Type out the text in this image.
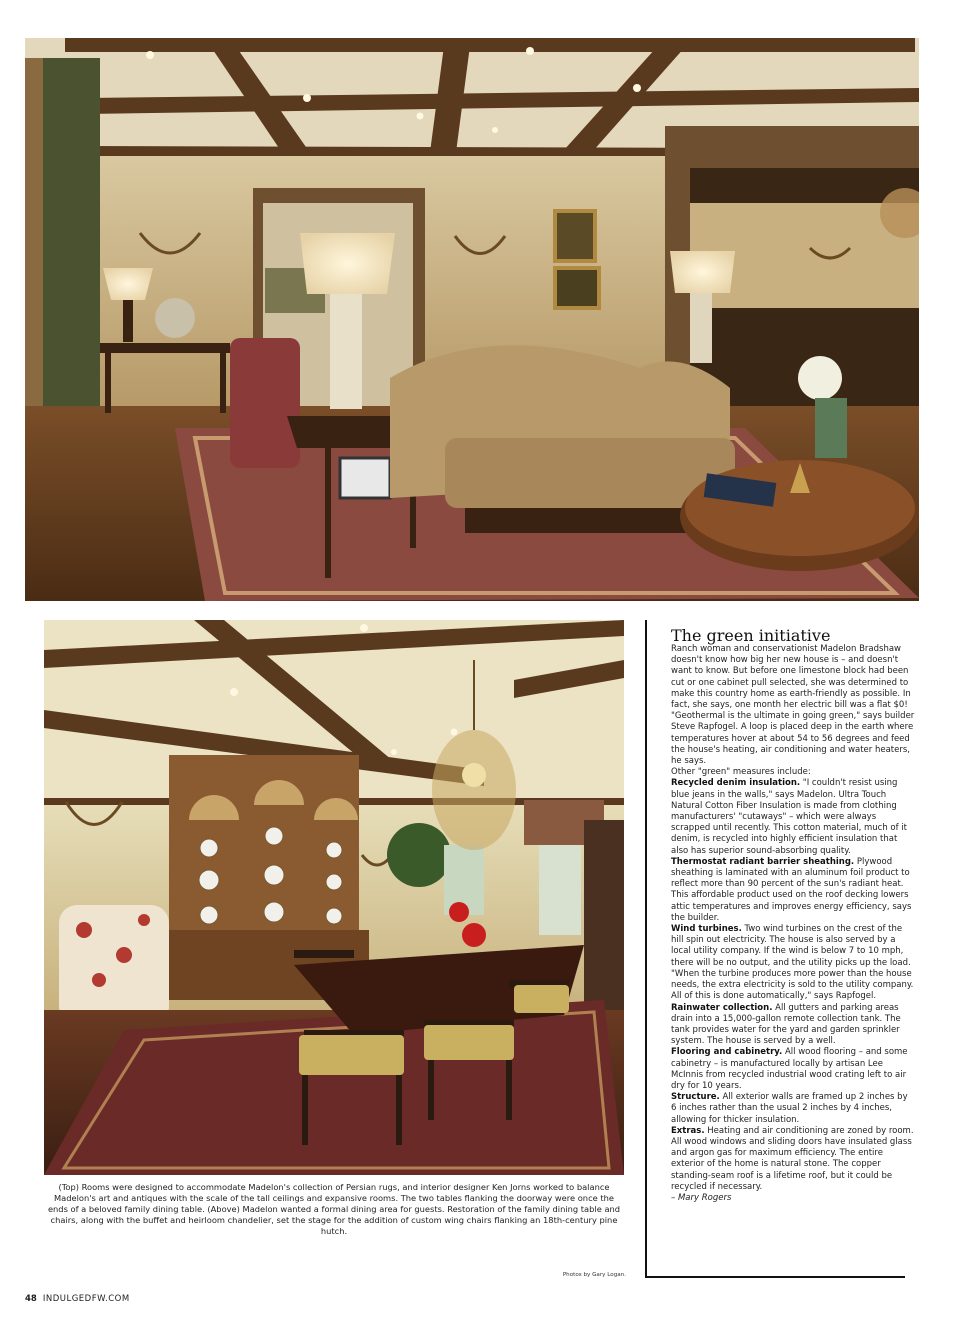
(Top) Rooms were designed to accommodate Madelon's collection of Persian rugs, and interior designer Ken Jorns worked to balance Madelon's art and antiques with the scale of the tall ceilings and expansive rooms. The two tables flanking the doorway were once the ends of a beloved family dining table. (Above) Madelon wanted a formal dining area for guests. Restoration of the family dining table and chairs, along with the buffet and heirloom chandelier, set the stage for the addition of custom wing chairs flanking an 18th-century pine hutch.
Photos by Gary Logan.
The green initiative

Ranch woman and conservationist Madelon Bradshaw doesn't know how big her new house is – and doesn't want to know. But before one limestone block had been cut or one cabinet pull selected, she was determined to make this country home as earth-friendly as possible. In fact, she says, one month her electric bill was a flat $0! "Geothermal is the ultimate in going green," says builder Steve Rapfogel. A loop is placed deep in the earth where temperatures hover at about 54 to 56 degrees and feed the house's heating, air conditioning and water heaters, he says.

Other "green" measures include:

Recycled denim insulation. "I couldn't resist using blue jeans in the walls," says Madelon. Ultra Touch Natural Cotton Fiber Insulation is made from clothing manufacturers' "cutaways" – which were always scrapped until recently. This cotton material, much of it denim, is recycled into highly efficient insulation that also has superior sound-absorbing quality.

Thermostat radiant barrier sheathing. Plywood sheathing is laminated with an aluminum foil product to reflect more than 90 percent of the sun's radiant heat. This affordable product used on the roof decking lowers attic temperatures and improves energy efficiency, says the builder.

Wind turbines. Two wind turbines on the crest of the hill spin out electricity. The house is also served by a local utility company. If the wind is below 7 to 10 mph, there will be no output, and the utility picks up the load. "When the turbine produces more power than the house needs, the extra electricity is sold to the utility company. All of this is done automatically," says Rapfogel.

Rainwater collection. All gutters and parking areas drain into a 15,000-gallon remote collection tank. The tank provides water for the yard and garden sprinkler system. The house is served by a well.

Flooring and cabinetry. All wood flooring – and some cabinetry – is manufactured locally by artisan Lee McInnis from recycled industrial wood crating left to air dry for 10 years.

Structure. All exterior walls are framed up 2 inches by 6 inches rather than the usual 2 inches by 4 inches, allowing for thicker insulation.

Extras. Heating and air conditioning are zoned by room. All wood windows and sliding doors have insulated glass and argon gas for maximum efficiency. The entire exterior of the home is natural stone. The copper standing-seam roof is a lifetime roof, but it could be recycled if necessary.

– Mary Rogers

48 INDULGEDFW.COM
